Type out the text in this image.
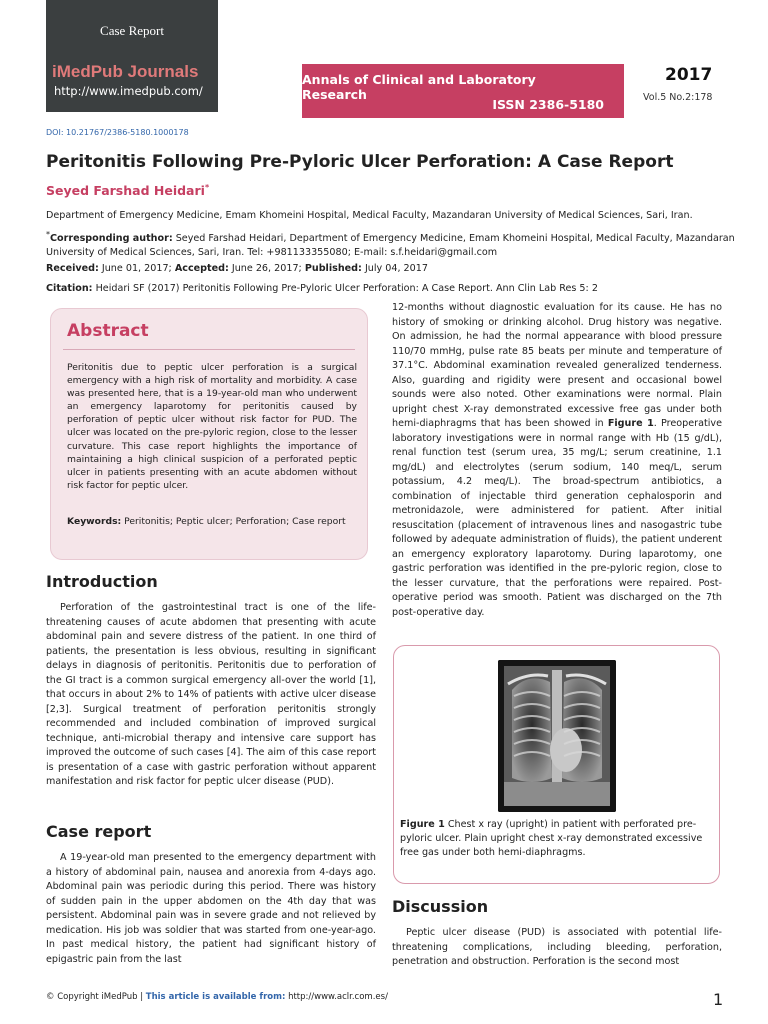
Case Report
iMedPub Journals
http://www.imedpub.com/
Annals of Clinical and Laboratory Research
ISSN 2386-5180
2017
Vol.5 No.2:178
DOI: 10.21767/2386-5180.1000178
Peritonitis Following Pre-Pyloric Ulcer Perforation: A Case Report
Seyed Farshad Heidari*
Department of Emergency Medicine, Emam Khomeini Hospital, Medical Faculty, Mazandaran University of Medical Sciences, Sari, Iran.
*Corresponding author: Seyed Farshad Heidari, Department of Emergency Medicine, Emam Khomeini Hospital, Medical Faculty, Mazandaran University of Medical Sciences, Sari, Iran. Tel: +981133355080; E-mail: s.f.heidari@gmail.com
Received: June 01, 2017; Accepted: June 26, 2017; Published: July 04, 2017
Citation: Heidari SF (2017) Peritonitis Following Pre-Pyloric Ulcer Perforation: A Case Report. Ann Clin Lab Res 5: 2
Abstract
Peritonitis due to peptic ulcer perforation is a surgical emergency with a high risk of mortality and morbidity. A case was presented here, that is a 19-year-old man who underwent an emergency laparotomy for peritonitis caused by perforation of peptic ulcer without risk factor for PUD. The ulcer was located on the pre-pyloric region, close to the lesser curvature. This case report highlights the importance of maintaining a high clinical suspicion of a perforated peptic ulcer in patients presenting with an acute abdomen without risk factor for peptic ulcer.
Keywords: Peritonitis; Peptic ulcer; Perforation; Case report
Introduction

Perforation of the gastrointestinal tract is one of the life-threatening causes of acute abdomen that presenting with acute abdominal pain and severe distress of the patient. In one third of patients, the presentation is less obvious, resulting in significant delays in diagnosis of peritonitis. Peritonitis due to perforation of the GI tract is a common surgical emergency all-over the world [1], that occurs in about 2% to 14% of patients with active ulcer disease [2,3]. Surgical treatment of perforation peritonitis strongly recommended and included combination of improved surgical technique, anti-microbial therapy and intensive care support has improved the outcome of such cases [4]. The aim of this case report is presentation of a case with gastric perforation without apparent manifestation and risk factor for peptic ulcer disease (PUD).

Case report

A 19-year-old man presented to the emergency department with a history of abdominal pain, nausea and anorexia from 4-days ago. Abdominal pain was periodic during this period. There was history of sudden pain in the upper abdomen on the 4th day that was persistent. Abdominal pain was in severe grade and not relieved by medication. His job was soldier that was started from one-year-ago. In past medical history, the patient had significant history of epigastric pain from the last

12-months without diagnostic evaluation for its cause. He has no history of smoking or drinking alcohol. Drug history was negative. On admission, he had the normal appearance with blood pressure 110/70 mmHg, pulse rate 85 beats per minute and temperature of 37.1°C. Abdominal examination revealed generalized tenderness. Also, guarding and rigidity were present and occasional bowel sounds were also noted. Other examinations were normal. Plain upright chest X-ray demonstrated excessive free gas under both hemi-diaphragms that has been showed in Figure 1. Preoperative laboratory investigations were in normal range with Hb (15 g/dL), renal function test (serum urea, 35 mg/L; serum creatinine, 1.1 mg/dL) and electrolytes (serum sodium, 140 meq/L, serum potassium, 4.2 meq/L). The broad-spectrum antibiotics, a combination of injectable third generation cephalosporin and metronidazole, were administered for patient. After initial resuscitation (placement of intravenous lines and nasogastric tube followed by adequate administration of fluids), the patient underent an emergency exploratory laparotomy. During laparotomy, one gastric perforation was identified in the pre-pyloric region, close to the lesser curvature, that the perforations were repaired. Post-operative period was smooth. Patient was discharged on the 7th post-operative day.

Figure 1 Chest x ray (upright) in patient with perforated pre-pyloric ulcer. Plain upright chest x-ray demonstrated excessive free gas under both hemi-diaphragms.
Discussion

Peptic ulcer disease (PUD) is associated with potential life-threatening complications, including bleeding, perforation, penetration and obstruction. Perforation is the second most

© Copyright iMedPub | This article is available from: http://www.aclr.com.es/	1
